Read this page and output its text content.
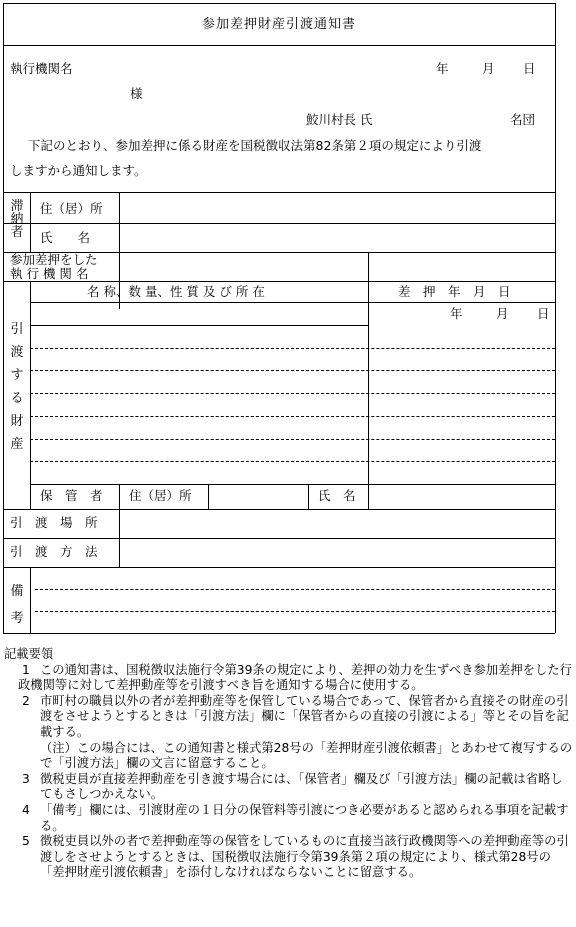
参加差押財産引渡通知書
執行機関名	年	月 日
様
鮫川村長 氏	名団
下記のとおり、参加差押に係る財産を国税徴収法第82条第２項の規定により引渡
しますから通知します。
滞
納
者
住（居）所
氏　　名
参加差押をした
執 行 機 関 名
引
渡
す
る
財
産
名 称、数 量、性 質 及 び 所 在	差　押　年　月　日
年	月 日
保　管　者 住（居）所	氏　名
引　渡　場　所
引　渡　方　法
備
考
記載要領
1 この通知書は、国税徴収法施行令第39条の規定により、差押の効力を生ずべき参加差押をした行政機関等に対して差押動産等を引渡すべき旨を通知する場合に使用する。
2 市町村の職員以外の者が差押動産等を保管している場合であって、保管者から直接その財産の引渡をさせようとするときは「引渡方法」欄に「保管者からの直接の引渡による」等とその旨を記載する。
（注）この場合には、この通知書と様式第28号の「差押財産引渡依頼書」とあわせて複写するので「引渡方法」欄の文言に留意すること。
3 徴税吏員が直接差押動産を引き渡す場合には、「保管者」欄及び「引渡方法」欄の記載は省略してもさしつかえない。
4 「備考」欄には、引渡財産の１日分の保管料等引渡につき必要があると認められる事項を記載する。
5 徴税吏員以外の者で差押動産等の保管をしているものに直接当該行政機関等への差押動産等の引渡しをさせようとするときは、国税徴収法施行令第39条第２項の規定により、様式第28号の「差押財産引渡依頼書」を添付しなければならないことに留意する。
